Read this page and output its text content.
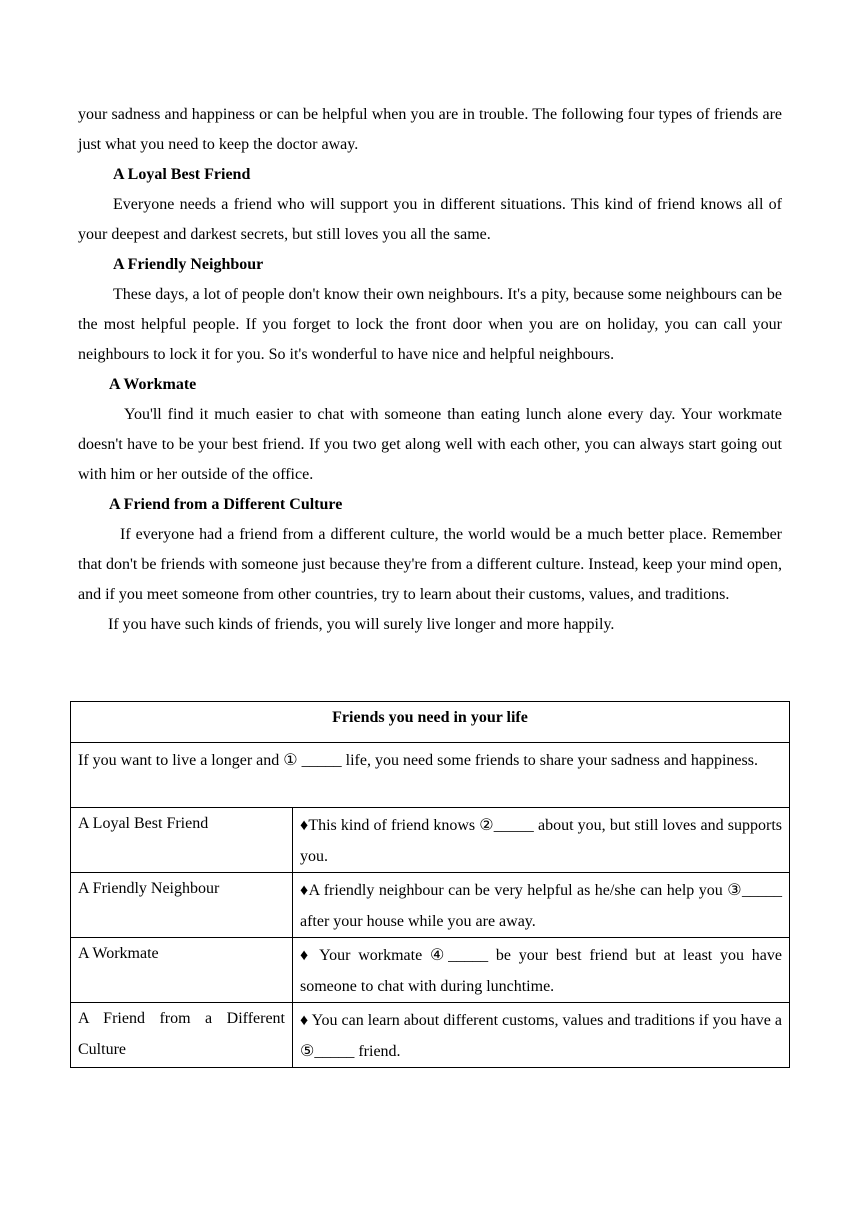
your sadness and happiness or can be helpful when you are in trouble. The following four types of friends are just what you need to keep the doctor away.

A Loyal Best Friend

Everyone needs a friend who will support you in different situations. This kind of friend knows all of your deepest and darkest secrets, but still loves you all the same.

A Friendly Neighbour

These days, a lot of people don't know their own neighbours. It's a pity, because some neighbours can be the most helpful people. If you forget to lock the front door when you are on holiday, you can call your neighbours to lock it for you. So it's wonderful to have nice and helpful neighbours.

A Workmate

You'll find it much easier to chat with someone than eating lunch alone every day. Your workmate doesn't have to be your best friend. If you two get along well with each other, you can always start going out with him or her outside of the office.

A Friend from a Different Culture

If everyone had a friend from a different culture, the world would be a much better place. Remember that don't be friends with someone just because they're from a different culture. Instead, keep your mind open, and if you meet someone from other countries, try to learn about their customs, values, and traditions.

If you have such kinds of friends, you will surely live longer and more happily.

Friends you need in your life	

If you want to live a longer and ① _____ life, you need some friends to share your sadness and happiness.	
A Loyal Best Friend	♦This kind of friend knows ②_____ about you, but still loves and supports you.
A Friendly Neighbour	♦A friendly neighbour can be very helpful as he/she can help you ③_____ after your house while you are away.
A Workmate	♦ Your workmate ④_____ be your best friend but at least you have someone to chat with during lunchtime.
A Friend from a Different Culture	♦ You can learn about different customs, values and traditions if you have a ⑤_____ friend.
